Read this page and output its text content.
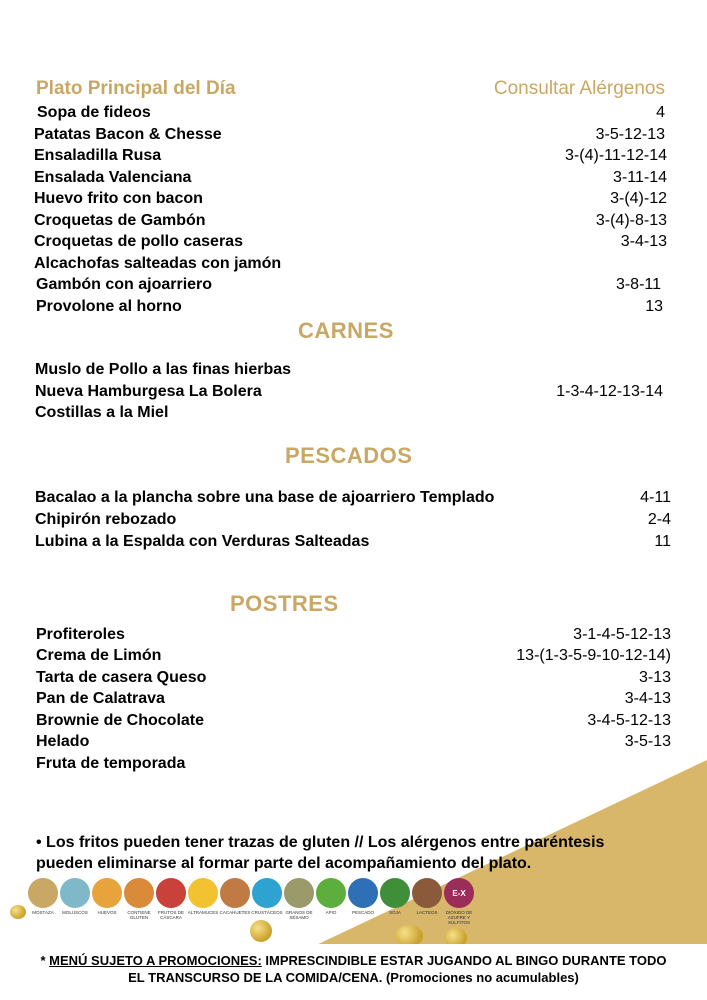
Plato Principal del Día	Consultar Alérgenos
Sopa de fideos	4
Patatas Bacon & Chesse	3-5-12-13
Ensaladilla Rusa	3-(4)-11-12-14
Ensalada Valenciana	3-11-14
Huevo frito con bacon	3-(4)-12
Croquetas de Gambón	3-(4)-8-13
Croquetas de pollo caseras	3-4-13
Alcachofas salteadas con jamón
Gambón con ajoarriero	3-8-11
Provolone al horno	13
CARNES
Muslo de Pollo a las finas hierbas
Nueva Hamburgesa La Bolera	1-3-4-12-13-14
Costillas a la Miel
PESCADOS
Bacalao a la plancha sobre una base de ajoarriero Templado	4-11
Chipirón rebozado	2-4
Lubina a la Espalda con Verduras Salteadas	11
POSTRES
Profiteroles	3-1-4-5-12-13
Crema de Limón	13-(1-3-5-9-10-12-14)
Tarta de casera Queso	3-13
Pan de Calatrava	3-4-13
Brownie de Chocolate	3-4-5-12-13
Helado	3-5-13
Fruta de temporada
• Los fritos pueden tener trazas de gluten // Los alérgenos entre paréntesis
pueden eliminarse al formar parte del acompañamiento del plato.
MOSTAZA MOLUSCOS HUEVOS	CONTIENE GLUTEN
FRUTOS DE CÁSCARA
ALTRAMUCES CACAHUETES CRUSTÁCEOS GRANOS DE SÉSAMO
APIO	PESCADO	SOJA	LACTEOS
E-X
DIÓXIDO DE AZUFRE Y SULFITOS
* MENÚ SUJETO A PROMOCIONES: IMPRESCINDIBLE ESTAR JUGANDO AL BINGO DURANTE TODO
EL TRANSCURSO DE LA COMIDA/CENA. (Promociones no acumulables)
